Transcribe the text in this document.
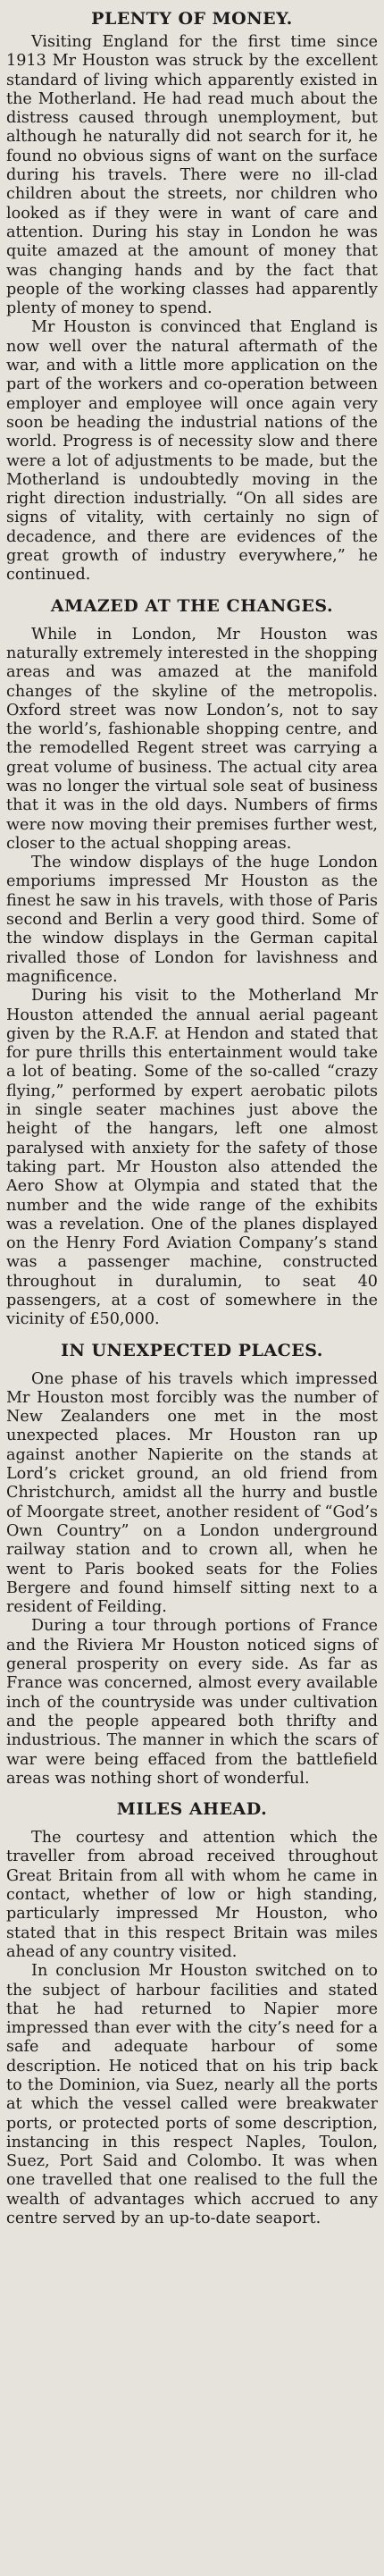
PLENTY OF MONEY.

Visiting England for the first time since 1913 Mr Houston was struck by the excellent standard of living which apparently existed in the Motherland. He had read much about the distress caused through unemployment, but although he naturally did not search for it, he found no obvious signs of want on the surface during his travels. There were no ill-clad children about the streets, nor children who looked as if they were in want of care and attention. During his stay in London he was quite amazed at the amount of money that was changing hands and by the fact that people of the working classes had apparently plenty of money to spend.

Mr Houston is convinced that England is now well over the natural aftermath of the war, and with a little more application on the part of the workers and co-operation between employer and employee will once again very soon be heading the industrial nations of the world. Progress is of necessity slow and there were a lot of adjustments to be made, but the Motherland is undoubtedly moving in the right direction industrially. “On all sides are signs of vitality, with certainly no sign of decadence, and there are evidences of the great growth of industry everywhere,” he continued.

AMAZED AT THE CHANGES.

While in London, Mr Houston was naturally extremely interested in the shopping areas and was amazed at the manifold changes of the skyline of the metropolis. Oxford street was now London’s, not to say the world’s, fashionable shopping centre, and the remodelled Regent street was carrying a great volume of business. The actual city area was no longer the virtual sole seat of business that it was in the old days. Numbers of firms were now moving their premises further west, closer to the actual shopping areas.

The window displays of the huge London emporiums impressed Mr Houston as the finest he saw in his travels, with those of Paris second and Berlin a very good third. Some of the window displays in the German capital rivalled those of London for lavishness and magnificence.

During his visit to the Motherland Mr Houston attended the annual aerial pageant given by the R.A.F. at Hendon and stated that for pure thrills this entertainment would take a lot of beating. Some of the so-called “crazy flying,” performed by expert aerobatic pilots in single seater machines just above the height of the hangars, left one almost paralysed with anxiety for the safety of those taking part. Mr Houston also attended the Aero Show at Olympia and stated that the number and the wide range of the exhibits was a revelation. One of the planes displayed on the Henry Ford Aviation Company’s stand was a passenger machine, constructed throughout in duralumin, to seat 40 passengers, at a cost of somewhere in the vicinity of £50,000.

IN UNEXPECTED PLACES.

One phase of his travels which impressed Mr Houston most forcibly was the number of New Zealanders one met in the most unexpected places. Mr Houston ran up against another Napierite on the stands at Lord’s cricket ground, an old friend from Christchurch, amidst all the hurry and bustle of Moorgate street, another resident of “God’s Own Country” on a London underground railway station and to crown all, when he went to Paris booked seats for the Folies Bergere and found himself sitting next to a resident of Feilding.

During a tour through portions of France and the Riviera Mr Houston noticed signs of general prosperity on every side. As far as France was concerned, almost every available inch of the countryside was under cultivation and the people appeared both thrifty and industrious. The manner in which the scars of war were being effaced from the battlefield areas was nothing short of wonderful.

MILES AHEAD.

The courtesy and attention which the traveller from abroad received throughout Great Britain from all with whom he came in contact, whether of low or high standing, particularly impressed Mr Houston, who stated that in this respect Britain was miles ahead of any country visited.

In conclusion Mr Houston switched on to the subject of harbour facilities and stated that he had returned to Napier more impressed than ever with the city’s need for a safe and adequate harbour of some description. He noticed that on his trip back to the Dominion, via Suez, nearly all the ports at which the vessel called were breakwater ports, or protected ports of some description, instancing in this respect Naples, Toulon, Suez, Port Said and Colombo. It was when one travelled that one realised to the full the wealth of advantages which accrued to any centre served by an up-to-date seaport.
